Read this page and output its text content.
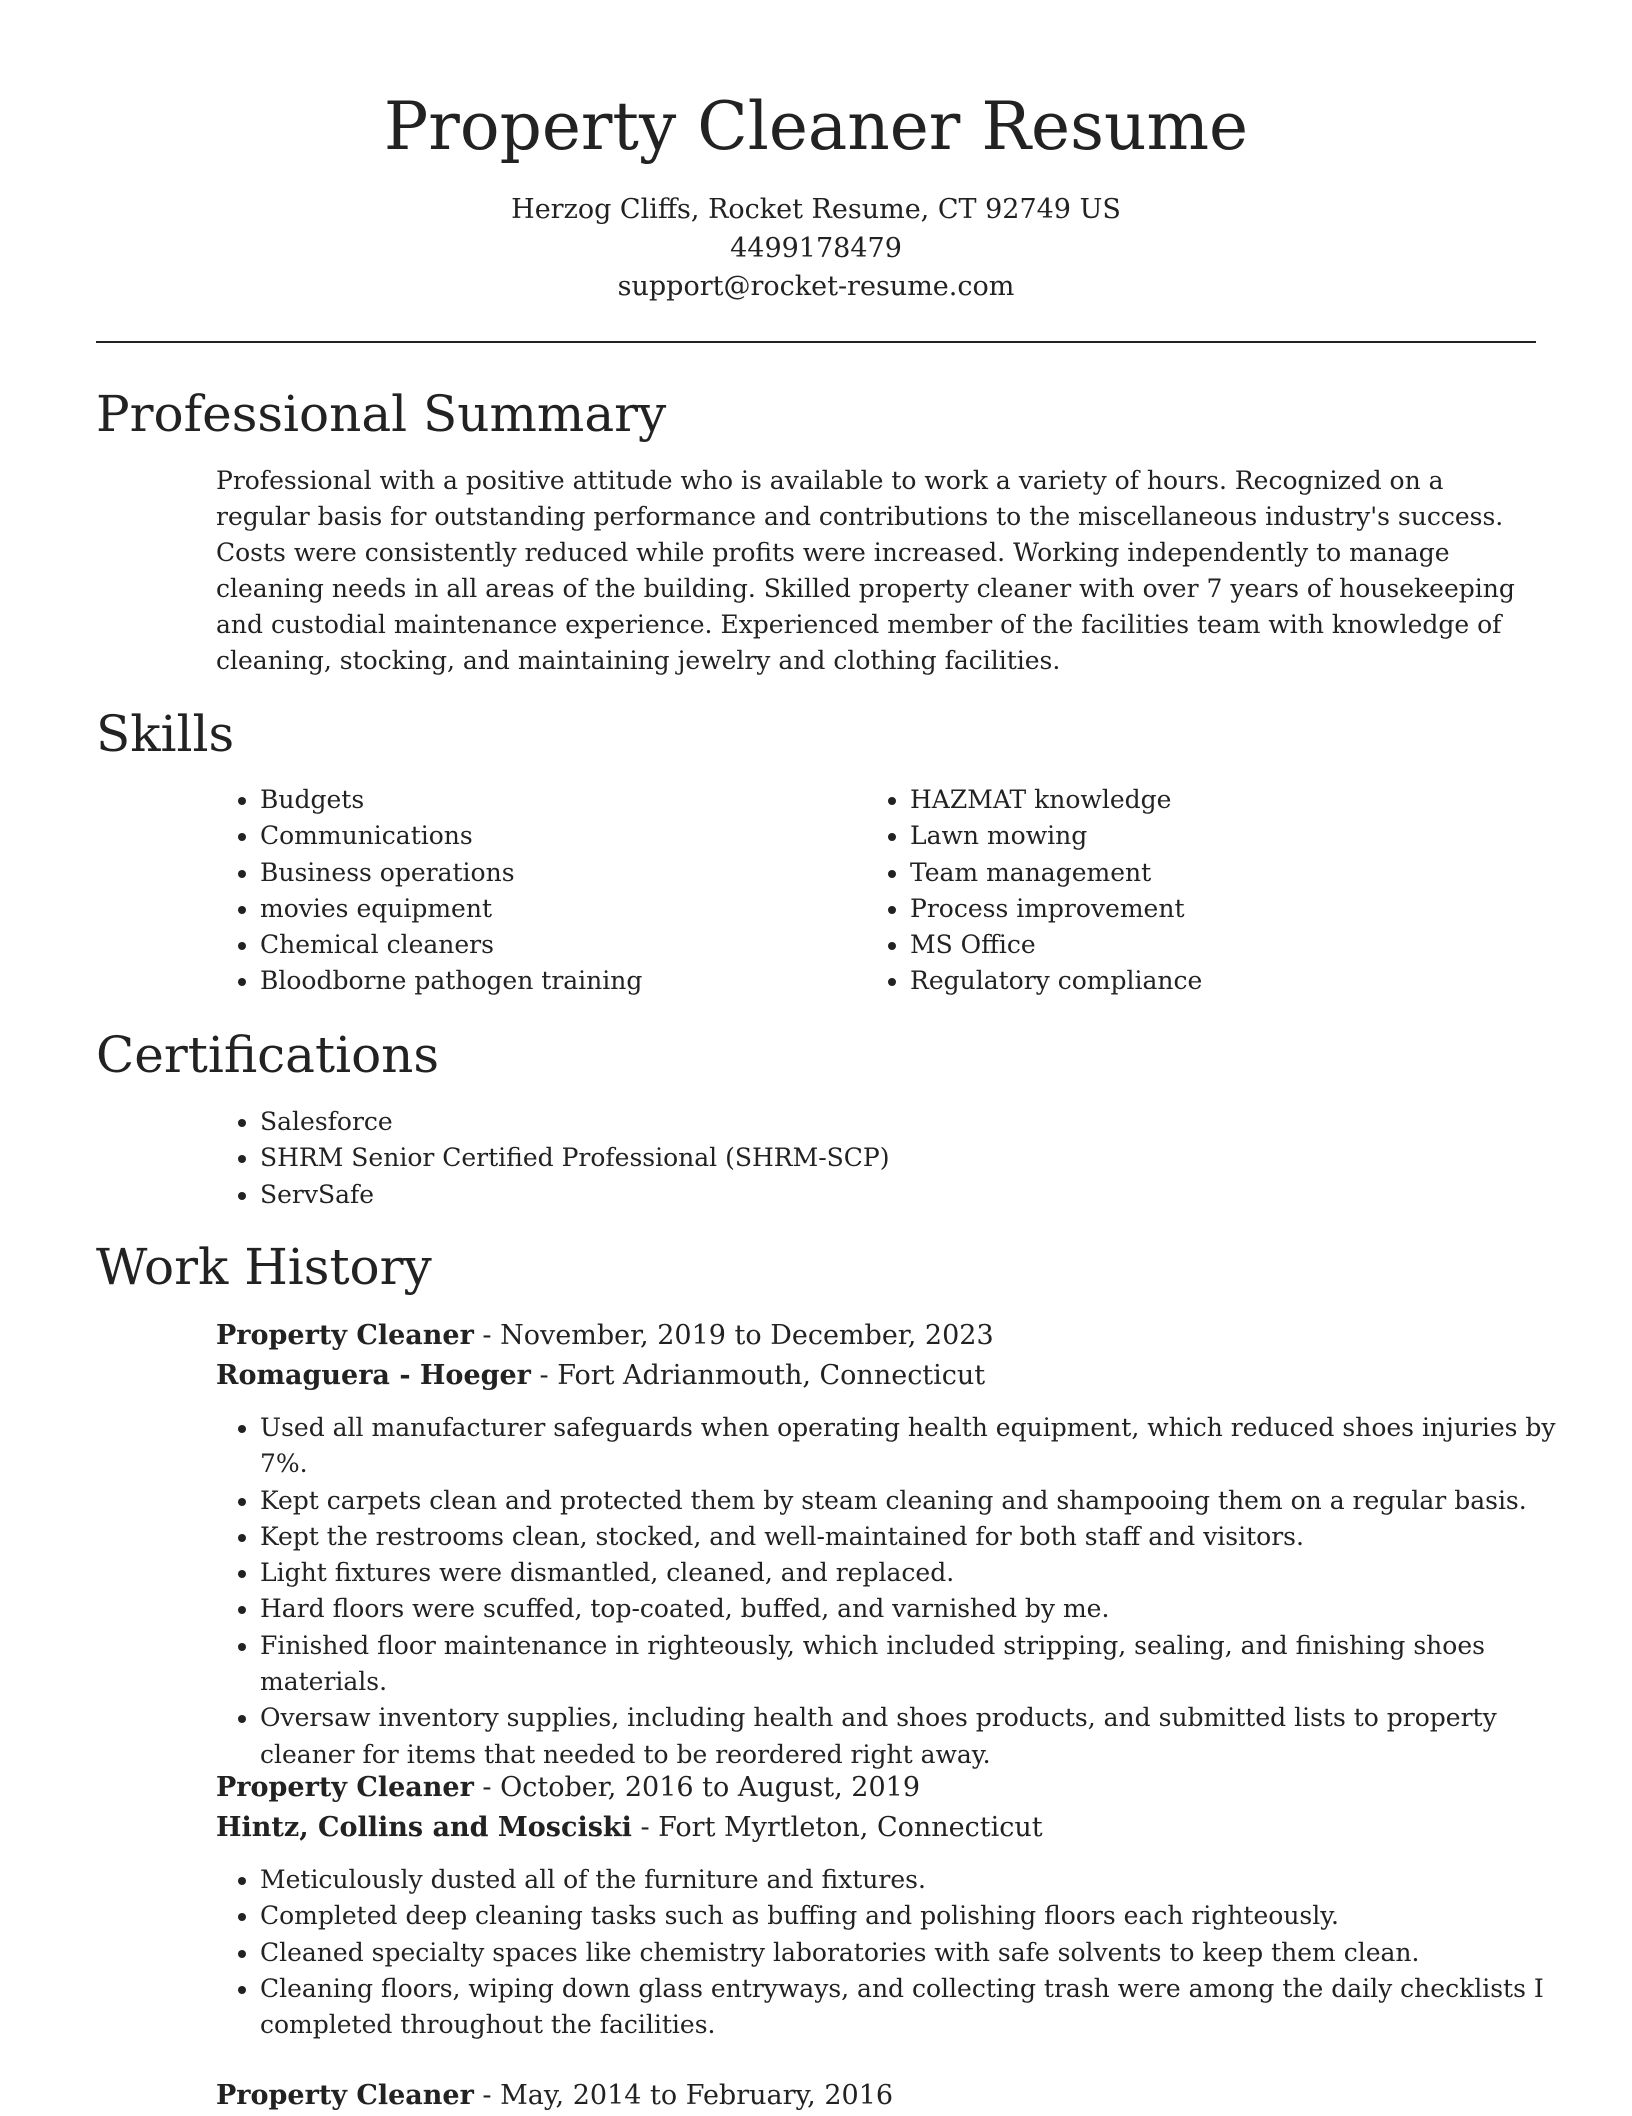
Property Cleaner Resume
Herzog Cliffs, Rocket Resume, CT 92749 US
4499178479
support@rocket-resume.com
Professional Summary

Professional with a positive attitude who is available to work a variety of hours. Recognized on a regular basis for outstanding performance and contributions to the miscellaneous industry's success. Costs were consistently reduced while profits were increased. Working independently to manage cleaning needs in all areas of the building. Skilled property cleaner with over 7 years of housekeeping and custodial maintenance experience. Experienced member of the facilities team with knowledge of cleaning, stocking, and maintaining jewelry and clothing facilities.

Skills
• Budgets
• Communications
• Business operations
• movies equipment
• Chemical cleaners
• Bloodborne pathogen training
• HAZMAT knowledge
• Lawn mowing
• Team management
• Process improvement
• MS Office
• Regulatory compliance
Certifications
• Salesforce
• SHRM Senior Certified Professional (SHRM-SCP)
• ServSafe
Work History
Property Cleaner - November, 2019 to December, 2023
Romaguera - Hoeger - Fort Adrianmouth, Connecticut
• Used all manufacturer safeguards when operating health equipment, which reduced shoes injuries by 7%.
• Kept carpets clean and protected them by steam cleaning and shampooing them on a regular basis.
• Kept the restrooms clean, stocked, and well-maintained for both staff and visitors.
• Light fixtures were dismantled, cleaned, and replaced.
• Hard floors were scuffed, top-coated, buffed, and varnished by me.
• Finished floor maintenance in righteously, which included stripping, sealing, and finishing shoes materials.
• Oversaw inventory supplies, including health and shoes products, and submitted lists to property cleaner for items that needed to be reordered right away.
Property Cleaner - October, 2016 to August, 2019
Hintz, Collins and Mosciski - Fort Myrtleton, Connecticut
• Meticulously dusted all of the furniture and fixtures.
• Completed deep cleaning tasks such as buffing and polishing floors each righteously.
• Cleaned specialty spaces like chemistry laboratories with safe solvents to keep them clean.
• Cleaning floors, wiping down glass entryways, and collecting trash were among the daily checklists I completed throughout the facilities.
Property Cleaner - May, 2014 to February, 2016
